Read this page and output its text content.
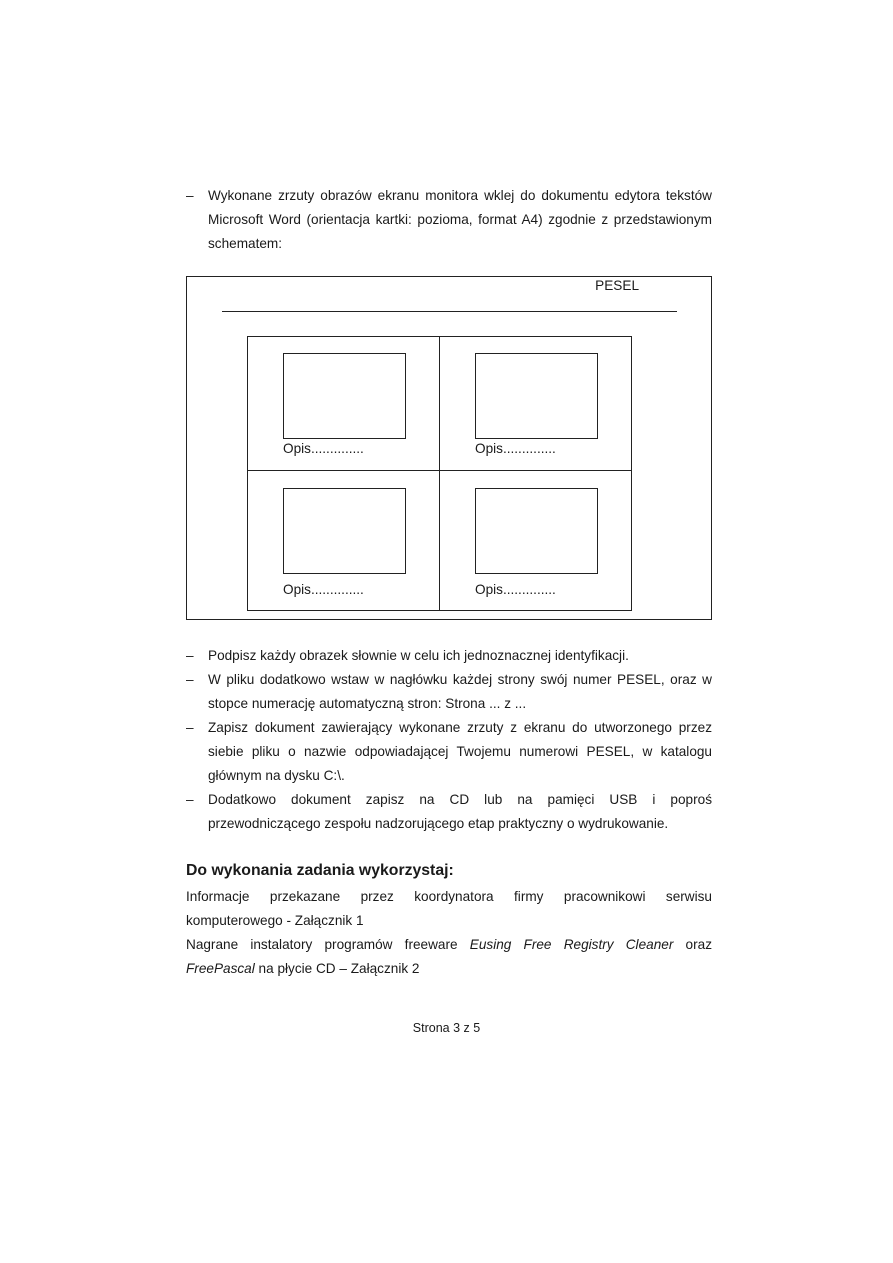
– Wykonane zrzuty obrazów ekranu monitora wklej do dokumentu edytora tekstów Microsoft Word (orientacja kartki: pozioma, format A4) zgodnie z przedstawionym schematem:
PESEL
Opis..............	Opis..............
Opis..............	Opis..............
– Podpisz każdy obrazek słownie w celu ich jednoznacznej identyfikacji.
– W pliku dodatkowo wstaw w nagłówku każdej strony swój numer PESEL, oraz w stopce numerację automatyczną stron: Strona ... z ...
– Zapisz dokument zawierający wykonane zrzuty z ekranu do utworzonego przez siebie pliku o nazwie odpowiadającej Twojemu numerowi PESEL, w katalogu głównym na dysku C:\.
– Dodatkowo dokument zapisz na CD lub na pamięci USB i poproś przewodniczącego zespołu nadzorującego etap praktyczny o wydrukowanie.
Do wykonania zadania wykorzystaj:
Informacje przekazane przez koordynatora firmy pracownikowi serwisu
komputerowego - Załącznik 1
Nagrane instalatory programów freeware Eusing Free Registry Cleaner oraz
FreePascal na płycie CD – Załącznik 2
Strona 3 z 5
